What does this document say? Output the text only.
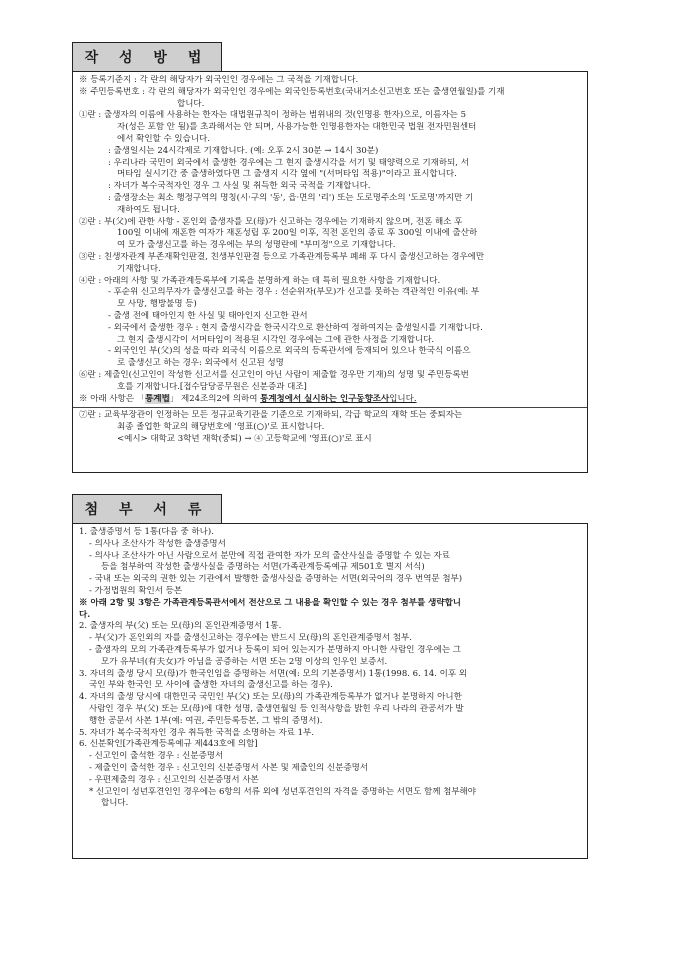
작 성 방 법
※ 등록기준지 : 각 란의 해당자가 외국인인 경우에는 그 국적을 기재합니다.
※ 주민등록번호 : 각 란의 해당자가 외국인인 경우에는 외국인등록번호(국내거소신고번호 또는 출생연월일)를 기재
합니다.
①란 : 출생자의 이름에 사용하는 한자는 대법원규칙이 정하는 범위내의 것(인명용 한자)으로, 이름자는 5
자(성은 포함 안 됨)를 초과해서는 안 되며, 사용가능한 인명용한자는 대한민국 법원 전자민원센터
에서 확인할 수 있습니다.
: 출생일시는 24시각제로 기재합니다. (예: 오후 2시 30분 → 14시 30분)
: 우리나라 국민이 외국에서 출생한 경우에는 그 현지 출생시각을 서기 및 태양력으로 기재하되, 서
머타임 실시기간 중 출생하였다면 그 출생지 시각 옆에 "(서머타임 적용)"이라고 표시합니다.
: 자녀가 복수국적자인 경우 그 사실 및 취득한 외국 국적을 기재합니다.
: 출생장소는 최소 행정구역의 명칭(시·구의 '동', 읍·면의 '리') 또는 도로명주소의 '도로명'까지만 기
재하여도 됩니다.
②란 : 부(父)에 관한 사항 - 혼인외 출생자를 모(母)가 신고하는 경우에는 기재하지 않으며, 전혼 해소 후
100일 이내에 재혼한 여자가 재혼성립 후 200일 이후, 직전 혼인의 종료 후 300일 이내에 출산하
여 모가 출생신고를 하는 경우에는 부의 성명란에 "부미정"으로 기재합니다.
③란 : 친생자관계 부존재확인판결, 친생부인판결 등으로 가족관계등록부 폐쇄 후 다시 출생신고하는 경우에만
기재합니다.
④란 : 아래의 사항 및 가족관계등록부에 기록을 분명하게 하는 데 특히 필요한 사항을 기재합니다.
- 후순위 신고의무자가 출생신고를 하는 경우 : 선순위자(부모)가 신고를 못하는 객관적인 이유(예: 부
모 사망, 행방불명 등)
- 출생 전에 태아인지 한 사실 및 태아인지 신고한 관서
- 외국에서 출생한 경우 : 현지 출생시각을 한국시각으로 환산하여 정하여지는 출생일시를 기재합니다.
그 현지 출생시각이 서머타임이 적용된 시각인 경우에는 그에 관한 사정을 기재합니다.
- 외국인인 부(父)의 성을 따라 외국식 이름으로 외국의 등록관서에 등재되어 있으나 한국식 이름으
로 출생신고 하는 경우: 외국에서 신고된 성명
⑥란 : 제출인(신고인이 작성한 신고서를 신고인이 아닌 사람이 제출할 경우만 기재)의 성명 및 주민등록번
호를 기재합니다.[접수담당공무원은 신분증과 대조]
※ 아래 사항은 「통계법」 제24조의2에 의하여 통계청에서 실시하는 인구동향조사입니다.
⑦란 : 교육부장관이 인정하는 모든 정규교육기관을 기준으로 기재하되, 각급 학교의 재학 또는 중퇴자는
최종 졸업한 학교의 해당번호에 '영표(○)'로 표시합니다.
<예시> 대학교 3학년 재학(중퇴) → ④ 고등학교에 '영표(○)'로 표시
첨 부 서 류
1. 출생증명서 등 1통(다음 중 하나).
- 의사나 조산사가 작성한 출생증명서
- 의사나 조산사가 아닌 사람으로서 분만에 직접 관여한 자가 모의 출산사실을 증명할 수 있는 자료
등을 첨부하여 작성한 출생사실을 증명하는 서면(가족관계등록예규 제501호 별지 서식)
- 국내 또는 외국의 권한 있는 기관에서 발행한 출생사실을 증명하는 서면(외국어의 경우 번역문 첨부)
- 가정법원의 확인서 등본
※ 아래 2항 및 3항은 가족관계등록관서에서 전산으로 그 내용을 확인할 수 있는 경우 첨부를 생략합니
다.
2. 출생자의 부(父) 또는 모(母)의 혼인관계증명서 1통.
- 부(父)가 혼인외의 자를 출생신고하는 경우에는 반드시 모(母)의 혼인관계증명서 첨부.
- 출생자의 모의 가족관계등록부가 없거나 등록이 되어 있는지가 분명하지 아니한 사람인 경우에는 그
모가 유부녀(有夫女)가 아님을 공증하는 서면 또는 2명 이상의 인우인 보증서.
3. 자녀의 출생 당시 모(母)가 한국인임을 증명하는 서면(예: 모의 기본증명서) 1통(1998. 6. 14. 이후 외
국인 부와 한국인 모 사이에 출생한 자녀의 출생신고를 하는 경우).
4. 자녀의 출생 당시에 대한민국 국민인 부(父) 또는 모(母)의 가족관계등록부가 없거나 분명하지 아니한
사람인 경우 부(父) 또는 모(母)에 대한 성명, 출생연월일 등 인적사항을 밝힌 우리 나라의 관공서가 발
행한 공문서 사본 1부(예: 여권, 주민등록등본, 그 밖의 증명서).
5. 자녀가 복수국적자인 경우 취득한 국적을 소명하는 자료 1부.
6. 신분확인[가족관계등록예규 제443호에 의함]
- 신고인이 출석한 경우 : 신분증명서
- 제출인이 출석한 경우 : 신고인의 신분증명서 사본 및 제출인의 신분증명서
- 우편제출의 경우 : 신고인의 신분증명서 사본
* 신고인이 성년후견인인 경우에는 6항의 서류 외에 성년후견인의 자격을 증명하는 서면도 함께 첨부해야
합니다.
